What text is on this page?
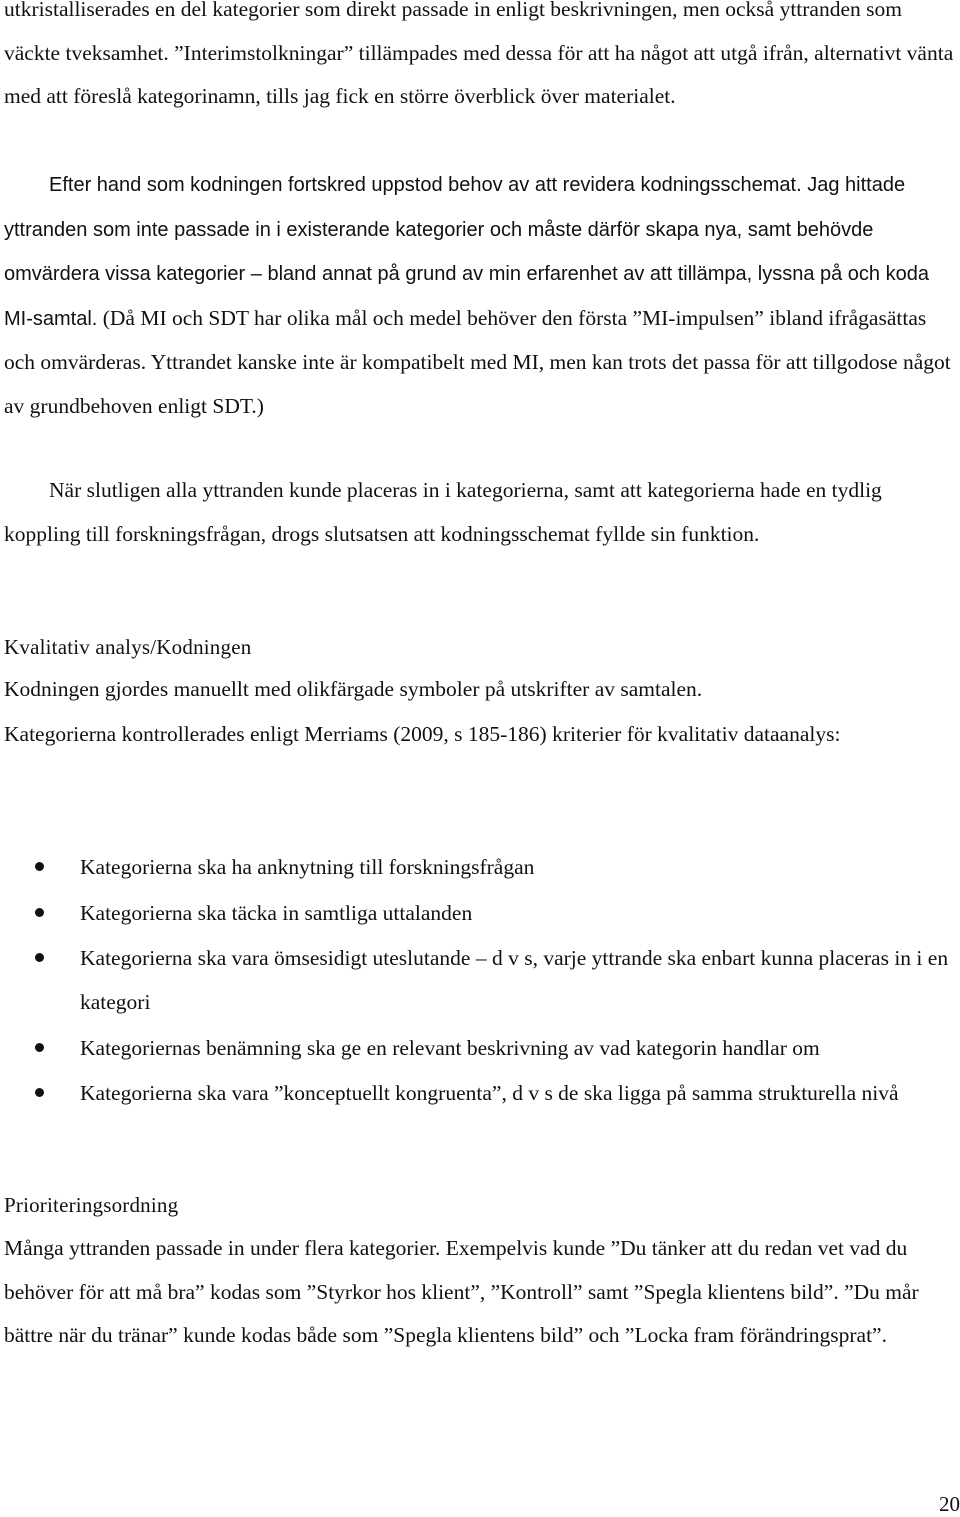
utkristalliserades en del kategorier som direkt passade in enligt beskrivningen, men också yttranden som väckte tveksamhet. ”Interimstolkningar” tillämpades med dessa för att ha något att utgå ifrån, alternativt vänta med att föreslå kategorinamn, tills jag fick en större överblick över materialet.

Efter hand som kodningen fortskred uppstod behov av att revidera kodningsschemat. Jag hittade yttranden som inte passade in i existerande kategorier och måste därför skapa nya, samt behövde omvärdera vissa kategorier – bland annat på grund av min erfarenhet av att tillämpa, lyssna på och koda MI-samtal. (Då MI och SDT har olika mål och medel behöver den första ”MI-impulsen” ibland ifrågasättas och omvärderas. Yttrandet kanske inte är kompatibelt med MI, men kan trots det passa för att tillgodose något av grundbehoven enligt SDT.)

När slutligen alla yttranden kunde placeras in i kategorierna, samt att kategorierna hade en tydlig koppling till forskningsfrågan, drogs slutsatsen att kodningsschemat fyllde sin funktion.

Kvalitativ analys/Kodningen

Kodningen gjordes manuellt med olikfärgade symboler på utskrifter av samtalen.

Kategorierna kontrollerades enligt Merriams (2009, s 185-186) kriterier för kvalitativ dataanalys:

Kategorierna ska ha anknytning till forskningsfrågan
Kategorierna ska täcka in samtliga uttalanden
Kategorierna ska vara ömsesidigt uteslutande – d v s, varje yttrande ska enbart kunna placeras in i en kategori
Kategoriernas benämning ska ge en relevant beskrivning av vad kategorin handlar om
Kategorierna ska vara ”konceptuellt kongruenta”, d v s de ska ligga på samma strukturella nivå
Prioriteringsordning

Många yttranden passade in under flera kategorier. Exempelvis kunde ”Du tänker att du redan vet vad du behöver för att må bra” kodas som ”Styrkor hos klient”, ”Kontroll” samt ”Spegla klientens bild”. ”Du mår bättre när du tränar” kunde kodas både som ”Spegla klientens bild” och ”Locka fram förändringsprat”.

20
